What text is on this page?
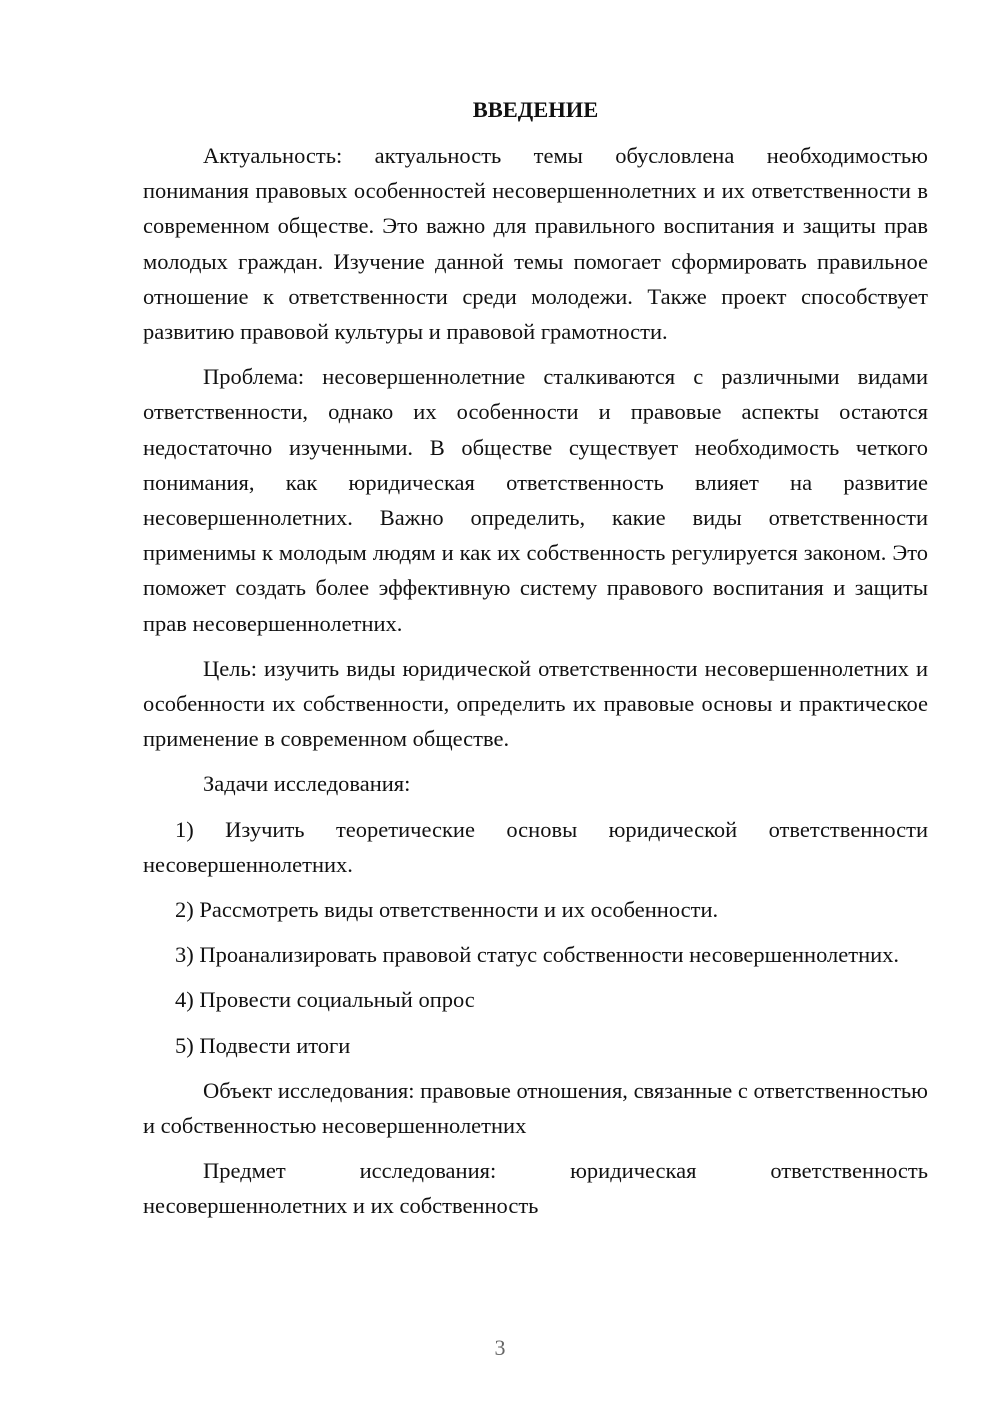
ВВЕДЕНИЕ

Актуальность: актуальность темы обусловлена необходимостью понимания правовых особенностей несовершеннолетних и их ответственности в современном обществе. Это важно для правильного воспитания и защиты прав молодых граждан. Изучение данной темы помогает сформировать правильное отношение к ответственности среди молодежи. Также проект способствует развитию правовой культуры и правовой грамотности.

Проблема: несовершеннолетние сталкиваются с различными видами ответственности, однако их особенности и правовые аспекты остаются недостаточно изученными. В обществе существует необходимость четкого понимания, как юридическая ответственность влияет на развитие несовершеннолетних. Важно определить, какие виды ответственности применимы к молодым людям и как их собственность регулируется законом. Это поможет создать более эффективную систему правового воспитания и защиты прав несовершеннолетних.

Цель: изучить виды юридической ответственности несовершеннолетних и особенности их собственности, определить их правовые основы и практическое применение в современном обществе.

Задачи исследования:

1) Изучить теоретические основы юридической ответственности несовершеннолетних.

2) Рассмотреть виды ответственности и их особенности.

3) Проанализировать правовой статус собственности несовершеннолетних.

4) Провести социальный опрос

5) Подвести итоги

Объект исследования: правовые отношения, связанные с ответственностью и собственностью несовершеннолетних

Предмет исследования: юридическая ответственность несовершеннолетних и их собственность

3
